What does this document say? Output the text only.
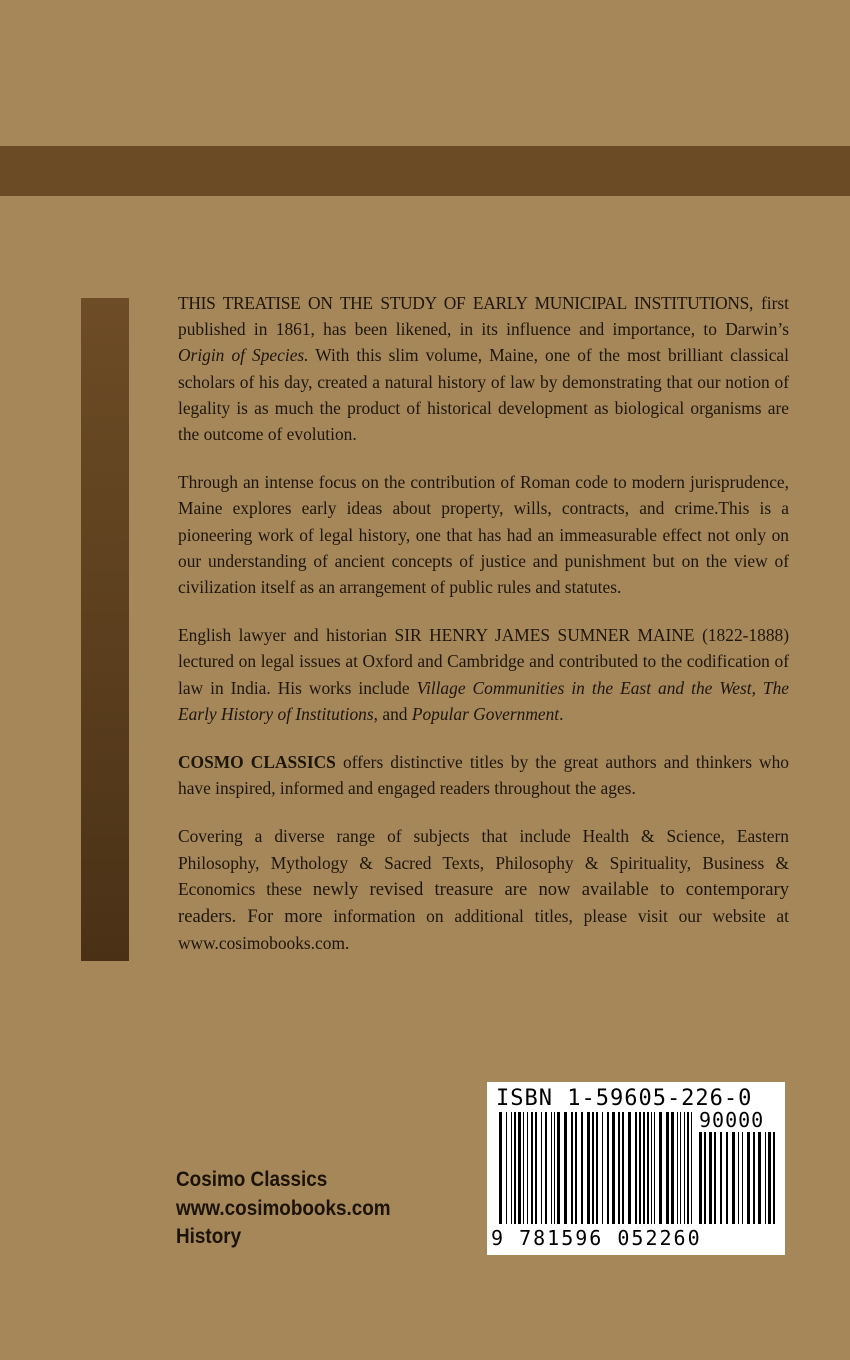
THIS TREATISE ON THE STUDY OF EARLY MUNICIPAL INSTITUTIONS, first published in 1861, has been likened, in its influence and importance, to Darwin’s Origin of Species. With this slim volume, Maine, one of the most brilliant classical scholars of his day, created a natural history of law by demonstrating that our notion of legality is as much the product of historical development as biological organisms are the outcome of evolution.

Through an intense focus on the contribution of Roman code to modern jurisprudence, Maine explores early ideas about property, wills, contracts, and crime.This is a pioneering work of legal history, one that has had an immeasurable effect not only on our understanding of ancient concepts of justice and punishment but on the view of civilization itself as an arrangement of public rules and statutes.

English lawyer and historian SIR HENRY JAMES SUMNER MAINE (1822-1888) lectured on legal issues at Oxford and Cambridge and contributed to the codification of law in India. His works include Village Communities in the East and the West, The Early History of Institutions, and Popular Government.

COSMO CLASSICS offers distinctive titles by the great authors and thinkers who have inspired, informed and engaged readers throughout the ages.

Covering a diverse range of subjects that include Health & Science, Eastern Philosophy, Mythology & Sacred Texts, Philosophy & Spirituality, Business & Economics these newly revised treasure are now available to contemporary readers. For more information on additional titles, please visit our website at www.cosimobooks.com.

Cosimo Classics
www.cosimobooks.com
History
ISBN 1-59605-226-0
90000
9 781596 052260
